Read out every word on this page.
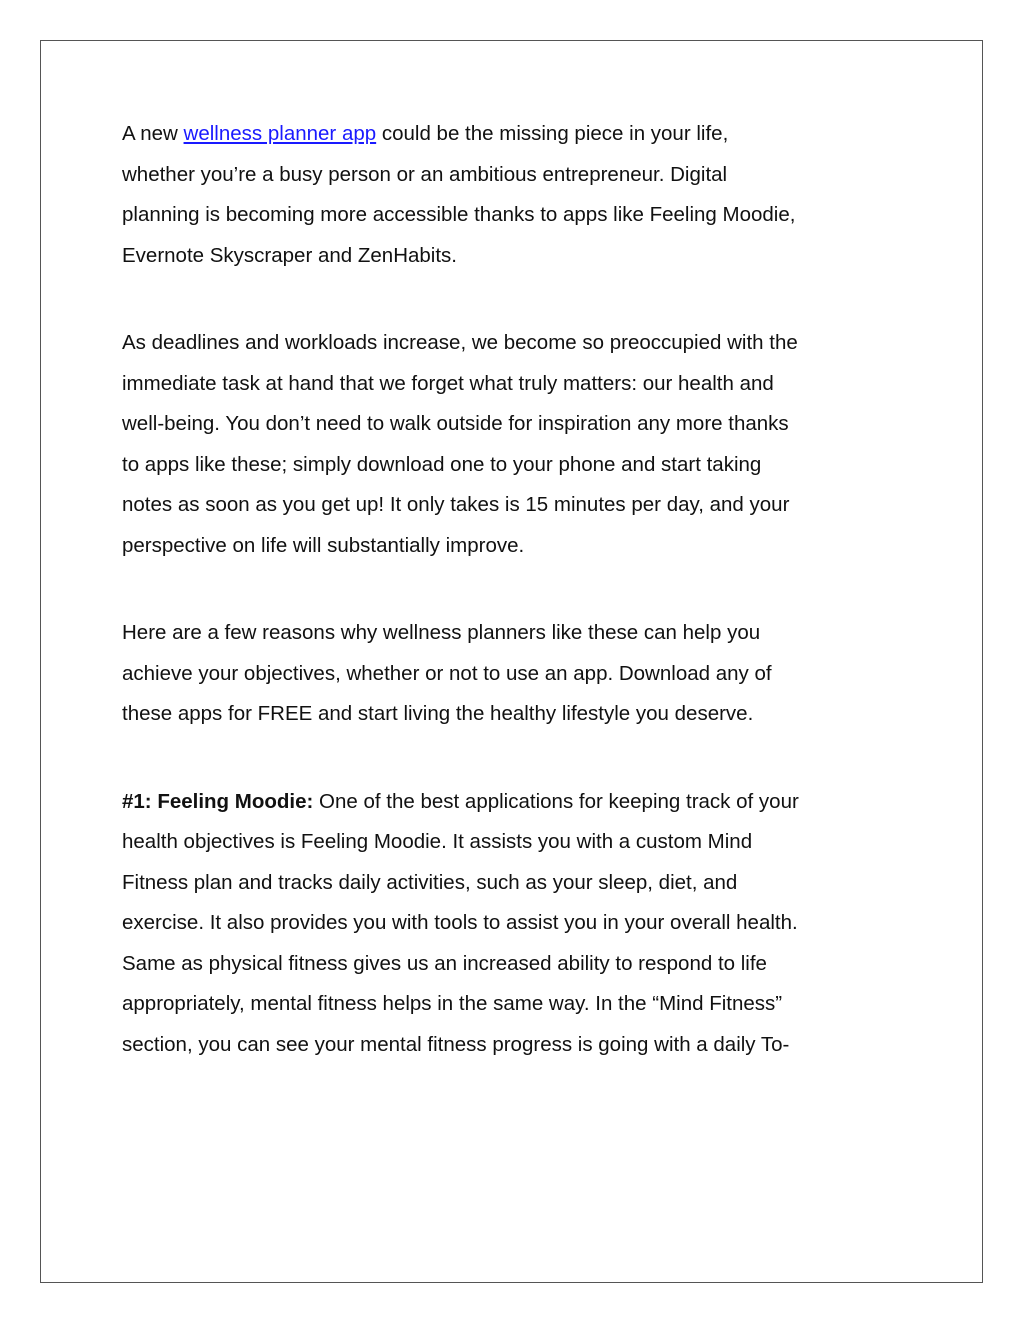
A new wellness planner app could be the missing piece in your life,
whether you’re a busy person or an ambitious entrepreneur. Digital
planning is becoming more accessible thanks to apps like Feeling Moodie,
Evernote Skyscraper and ZenHabits.

As deadlines and workloads increase, we become so preoccupied with the
immediate task at hand that we forget what truly matters: our health and
well-being. You don’t need to walk outside for inspiration any more thanks
to apps like these; simply download one to your phone and start taking
notes as soon as you get up! It only takes is 15 minutes per day, and your
perspective on life will substantially improve.

Here are a few reasons why wellness planners like these can help you
achieve your objectives, whether or not to use an app. Download any of
these apps for FREE and start living the healthy lifestyle you deserve.

#1: Feeling Moodie: One of the best applications for keeping track of your
health objectives is Feeling Moodie. It assists you with a custom Mind
Fitness plan and tracks daily activities, such as your sleep, diet, and
exercise. It also provides you with tools to assist you in your overall health.
Same as physical fitness gives us an increased ability to respond to life
appropriately, mental fitness helps in the same way. In the “Mind Fitness”
section, you can see your mental fitness progress is going with a daily To-
